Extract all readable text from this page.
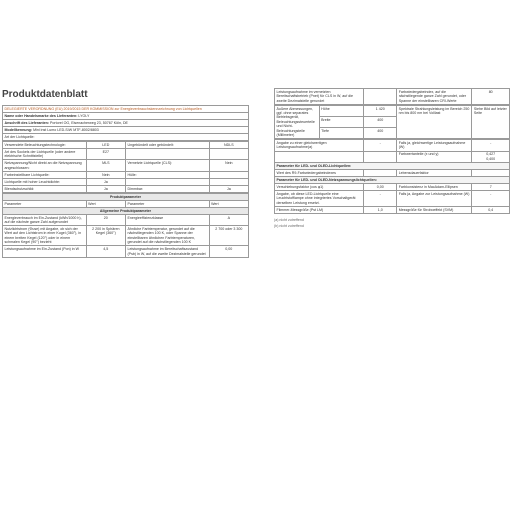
Produktdatenblatt
DELEGIERTE VERORDNUNG (EU) 2019/2015 DER KOMMISSION zur Energieverbrauchskennzeichnung von Lichtquellen
Name oder Handelsmarke des Lieferanten: LYOLY
Anschrift des Lieferanten: Portorel OG, Eisenacherweg 23, 50767 Köln, DE
Modellkennung: Mini inst Lumo LED-S/W MTF-8002/8803
Art der Lichtquelle:
Verwendete Beleuchtungstechnologie:	LED	Ungebündelt oder gebündelt:	NDLS
Art des Sockels der Lichtquelle (oder andere elektrische Schnittstelle)	E27		
Netzspannung/Nicht direkt an die Netzspannung angeschlossen:	MLS	Vernetzte Lichtquelle (CLS):	Nein
Farbeinstellbare Lichtquelle:	Nein	Hülle:	
Lichtquelle mit hoher Leuchtdichte:	Ja		
Blendschutzschild:	Ja	Dimmbar:	Ja
Produktparameter			
Parameter	Wert	Parameter	Wert
Allgemeine Produktparameter			
Energieverbrauch im Ein-Zustand (kWh/1000 h), auf die nächste ganze Zahl aufgerundet	20	Energieeffizienzklasse	A
Nutzlichtstrom (Φuse) mit Angabe, ob sich der Wert auf den Lichtstrom in einer Kugel (360°), in einem breiten Kegel (120°) oder in einem schmalen Kegel (90°) bezieht	2 200 in Sphären Kegel (360°)	Ähnliche Farbtemperatur, gerundet auf die nächstliegenden 100 K, oder Spanne der einstellbaren ähnlichen Farbtemperaturen, gerundet auf die nächstliegenden 100 K	2 700 oder 3 300
Leistungsaufnahme im Ein-Zustand (Pon) in W	4,5	Leistungsaufnahme im Bereitschaftszustand (Psb) in W, auf die zweite Dezimalstelle gerundet	0,00
Leistungsaufnahme im vernetzten Bereitschaftsbetrieb (Pnet) für CLS in W, auf die zweite Dezimalstelle gerundet		Farbwiedergabeindex, auf die nächstliegende ganze Zahl gerundet, oder Spanne der einstellbaren CRI-Werte	80
Äußere Abmessungen, ggf. ohne separates Betriebsgerät, Beleuchtungssteuerteile und Nicht-Beleuchtungsteile (Millimeter)	Höhe	1 420	Spektrale Strahlungsleistung im Bereich 250 nm bis 800 nm bei Volllast	Siehe Bild auf letzter Seite
	Breite	400		
	Tiefe	400		
Angabe zu einer gleichwertigen Leistungsaufnahme(a)	-	Falls ja, gleichwertige Leistungsaufnahme (W)	-
		Farbwertanteile (x und y)	0,427
0,400
Parameter für LED- und OLED-Lichtquellen:			
Wert des R9-Farbwiedergabeindexes		Lebensdauerfaktor	
Parameter für LED- und OLED-Netzspannungslichtquellen:			
Verschiebungsfaktor (cos φ1)	0,00	Farbkonsistenz in MacAdam-Ellipsen	7
Angabe, ob diese LED-Lichtquelle eine Leuchtstofflampe ohne integriertes Vorschaltgerät derselben Leistung ersetzt.	-	Falls ja, Angabe zur Leistungsaufnahme (W)	-
Flimmer-Messgröße (Pst LM)	1,0	Messgröße für Stroboeffekt (SVM)	0,4
(a) nicht zutreffend
(b) nicht zutreffend
